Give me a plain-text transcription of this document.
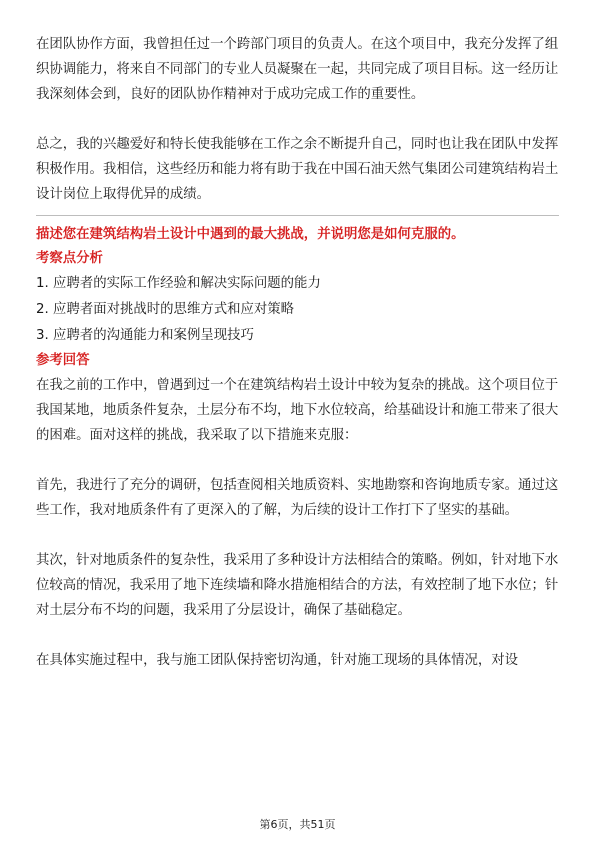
在团队协作方面，我曾担任过一个跨部门项目的负责人。在这个项目中，我充分发挥了组织协调能力，将来自不同部门的专业人员凝聚在一起，共同完成了项目目标。这一经历让我深刻体会到，良好的团队协作精神对于成功完成工作的重要性。

总之，我的兴趣爱好和特长使我能够在工作之余不断提升自己，同时也让我在团队中发挥积极作用。我相信，这些经历和能力将有助于我在中国石油天然气集团公司建筑结构岩土设计岗位上取得优异的成绩。

描述您在建筑结构岩土设计中遇到的最大挑战，并说明您是如何克服的。

考察点分析

1. 应聘者的实际工作经验和解决实际问题的能力
2. 应聘者面对挑战时的思维方式和应对策略
3. 应聘者的沟通能力和案例呈现技巧

参考回答

在我之前的工作中，曾遇到过一个在建筑结构岩土设计中较为复杂的挑战。这个项目位于我国某地，地质条件复杂，土层分布不均，地下水位较高，给基础设计和施工带来了很大的困难。面对这样的挑战，我采取了以下措施来克服：

首先，我进行了充分的调研，包括查阅相关地质资料、实地勘察和咨询地质专家。通过这些工作，我对地质条件有了更深入的了解，为后续的设计工作打下了坚实的基础。

其次，针对地质条件的复杂性，我采用了多种设计方法相结合的策略。例如，针对地下水位较高的情况，我采用了地下连续墙和降水措施相结合的方法，有效控制了地下水位；针对土层分布不均的问题，我采用了分层设计，确保了基础稳定。

在具体实施过程中，我与施工团队保持密切沟通，针对施工现场的具体情况，对设

第6页，共51页
